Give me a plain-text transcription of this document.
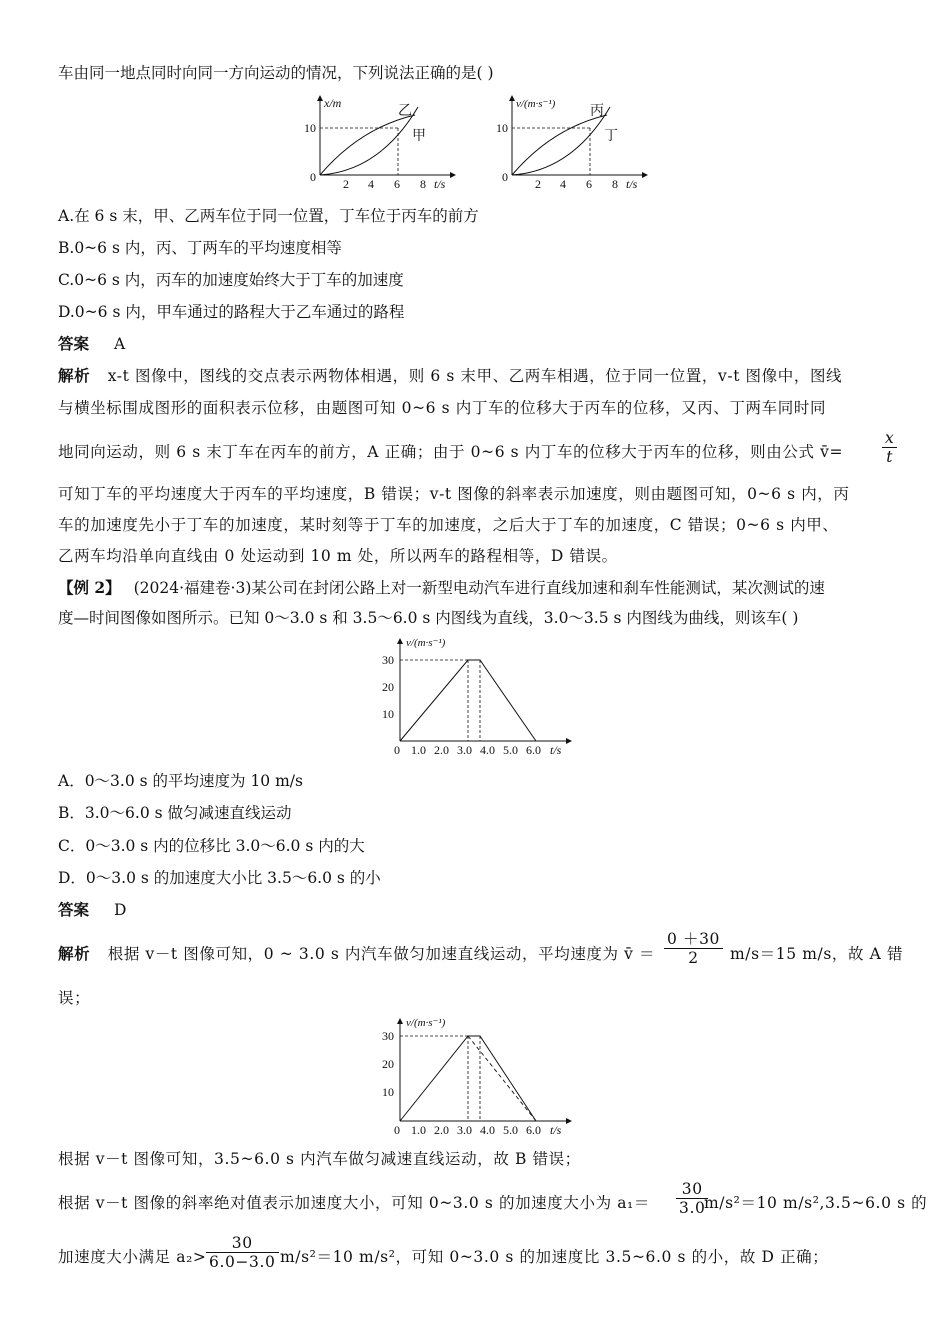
车由同一地点同时向同一方向运动的情况，下列说法正确的是( )
x/m
10
0 2 4 6 8 t/s
乙
甲
v/(m·s⁻¹)
10
0 2 4 6 8 t/s
丙
丁
A.在 6 s 末，甲、乙两车位于同一位置，丁车位于丙车的前方
B.0~6 s 内，丙、丁两车的平均速度相等
C.0~6 s 内，丙车的加速度始终大于丁车的加速度
D.0~6 s 内，甲车通过的路程大于乙车通过的路程
答案 A
解析 x-t 图像中，图线的交点表示两物体相遇，则 6 s 末甲、乙两车相遇，位于同一位置，v-t 图像中，图线
与横坐标围成图形的面积表示位移，由题图可知 0~6 s 内丁车的位移大于丙车的位移，又丙、丁两车同时同
地同向运动，则 6 s 末丁车在丙车的前方，A 正确；由于 0~6 s 内丁车的位移大于丙车的位移，则由公式 v̄=	$\frac{x}{t}$
可知丁车的平均速度大于丙车的平均速度，B 错误；v-t 图像的斜率表示加速度，则由题图可知，0~6 s 内，丙
车的加速度先小于丁车的加速度，某时刻等于丁车的加速度，之后大于丁车的加速度，C 错误；0~6 s 内甲、
乙两车均沿单向直线由 0 处运动到 10 m 处，所以两车的路程相等，D 错误。
【例 2】 (2024·福建卷·3)某公司在封闭公路上对一新型电动汽车进行直线加速和刹车性能测试，某次测试的速
度—时间图像如图所示。已知 0～3.0 s 和 3.5～6.0 s 内图线为直线，3.0～3.5 s 内图线为曲线，则该车( )
v/(m·s⁻¹)
30
20
10
0 1.0 2.0 3.0 4.0 5.0 6.0 t/s
A．0～3.0 s 的平均速度为 10 m/s
B．3.0～6.0 s 做匀减速直线运动
C．0～3.0 s 内的位移比 3.0～6.0 s 内的大
D．0～3.0 s 的加速度大小比 3.5～6.0 s 的小
答案 D
解析 根据 v－t 图像可知，0 ~ 3.0 s 内汽车做匀加速直线运动，平均速度为 v̄ ＝ $\frac{0 +30}{2} m/s=15$ m/s，故 A 错
误；
v/(m·s⁻¹)
30
20
10
0 1.0 2.0 3.0 4.0 5.0 6.0 t/s
根据 v－t 图像可知，3.5~6.0 s 内汽车做匀减速直线运动，故 B 错误；
根据 v－t 图像的斜率绝对值表示加速度大小，可知 0~3.0 s 的加速度大小为 $a_1= \frac{30}{3.0}$
m/s²＝10 m/s²,3.5~6.0 s 的
加速度大小满足 $a_2> \frac{30}{6.0-3.0} m/s^2=10$ m/s²，可知 0~3.0 s 的加速度比 3.5~6.0 s 的小，故 D 正确；
